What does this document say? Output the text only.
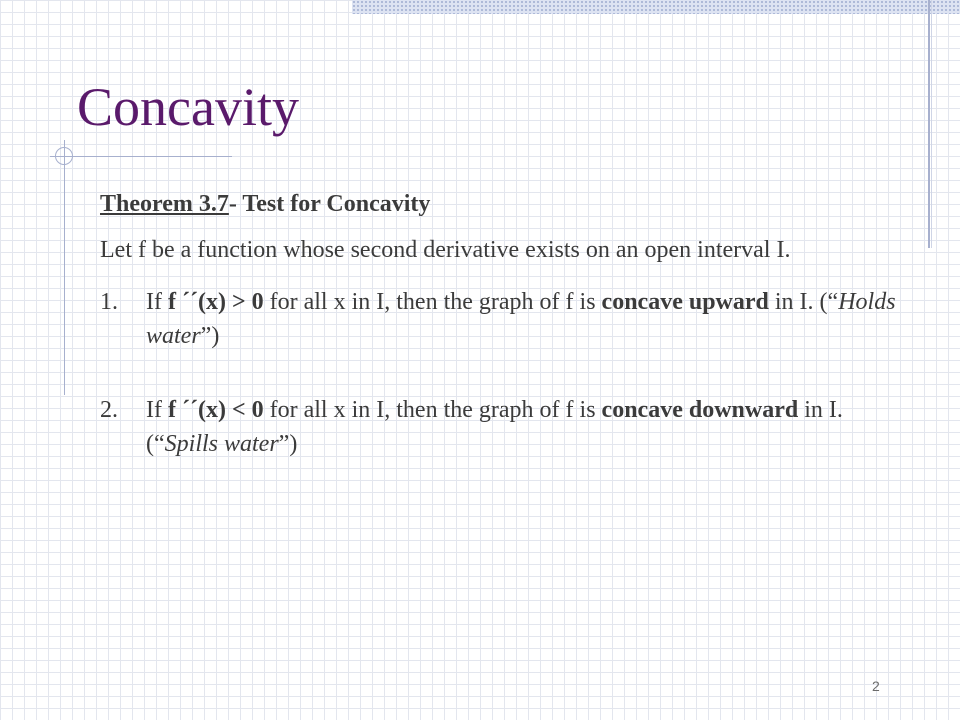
Concavity

Theorem 3.7- Test for Concavity

Let f be a function whose second derivative exists on an open interval I.

1. If f ´´(x) > 0 for all x in I, then the graph of f is concave upward in I. (“Holds water”)
2. If f ´´(x) < 0 for all x in I, then the graph of f is concave downward in I. (“Spills water”)
2
